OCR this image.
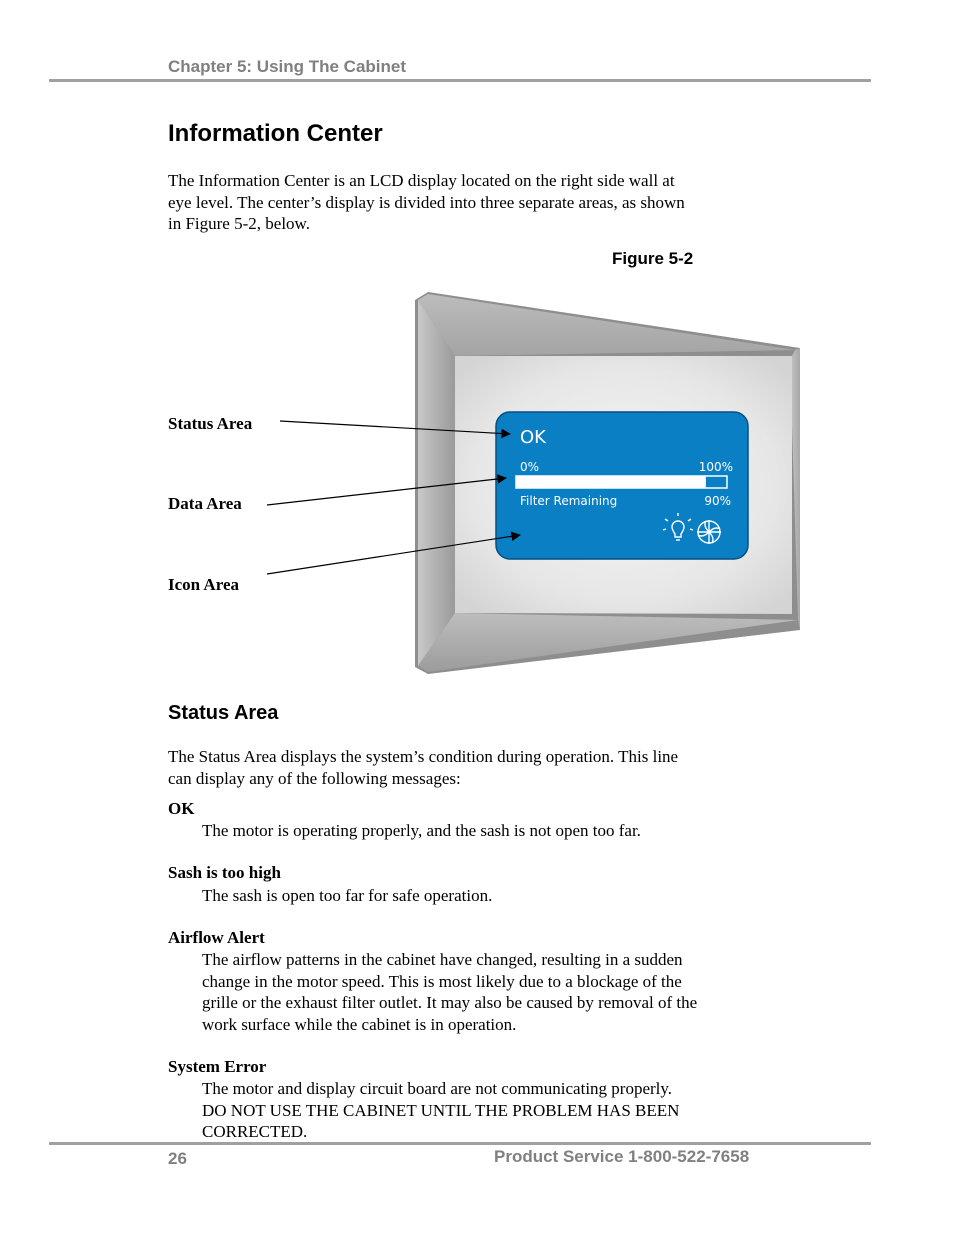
Chapter 5: Using The Cabinet
Information Center
The Information Center is an LCD display located on the right side wall at
eye level. The center’s display is divided into three separate areas, as shown
in Figure 5-2, below.
Figure 5-2
OK
0%	100%
Filter Remaining	90%
Status Area
Data Area
Icon Area
Status Area
The Status Area displays the system’s condition during operation. This line
can display any of the following messages:
OK
The motor is operating properly, and the sash is not open too far.
Sash is too high
The sash is open too far for safe operation.
Airflow Alert
The airflow patterns in the cabinet have changed, resulting in a sudden
change in the motor speed. This is most likely due to a blockage of the
grille or the exhaust filter outlet. It may also be caused by removal of the
work surface while the cabinet is in operation.
System Error
The motor and display circuit board are not communicating properly.
DO NOT USE THE CABINET UNTIL THE PROBLEM HAS BEEN
CORRECTED.
26	Product Service 1-800-522-7658
